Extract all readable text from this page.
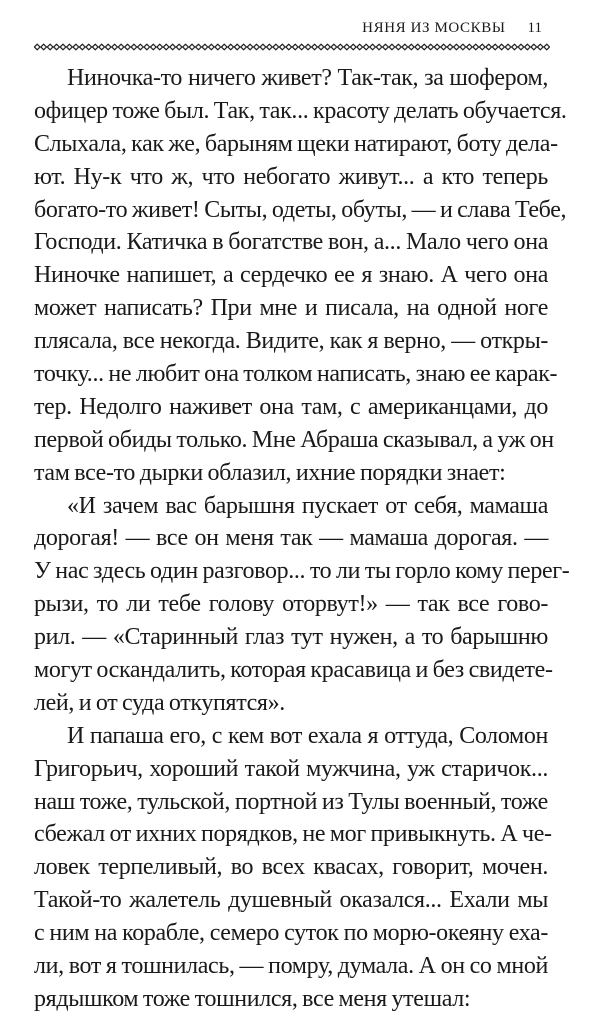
НЯНЯ ИЗ МОСКВЫ 11
Ниночка-то ничего живет? Так-так, за шофером,
офицер тоже был. Так, так... красоту делать обучается.
Слыхала, как же, барыням щеки натирают, боту дела-
ют. Ну-к что ж, что небогато живут... а кто теперь
богато-то живет! Сыты, одеты, обуты, — и слава Тебе,
Господи. Катичка в богатстве вон, а... Мало чего она
Ниночке напишет, а сердечко ее я знаю. А чего она
может написать? При мне и писала, на одной ноге
плясала, все некогда. Видите, как я верно, — откры-
точку... не любит она толком написать, знаю ее карак-
тер. Недолго наживет она там, с американцами, до
первой обиды только. Мне Абраша сказывал, а уж он
там все-то дырки облазил, ихние порядки знает:
«И зачем вас барышня пускает от себя, мамаша
дорогая! — все он меня так — мамаша дорогая. —
У нас здесь один разговор... то ли ты горло кому перег-
рызи, то ли тебе голову оторвут!» — так все гово-
рил. — «Старинный глаз тут нужен, а то барышню
могут оскандалить, которая красавица и без свидете-
лей, и от суда откупятся».
И папаша его, с кем вот ехала я оттуда, Соломон
Григорьич, хороший такой мужчина, уж старичок...
наш тоже, тульской, портной из Тулы военный, тоже
сбежал от ихних порядков, не мог привыкнуть. А че-
ловек терпеливый, во всех квасах, говорит, мочен.
Такой-то жалетель душевный оказался... Ехали мы
с ним на корабле, семеро суток по морю-океяну еха-
ли, вот я тошнилась, — помру, думала. А он со мной
рядышком тоже тошнился, все меня утешал:
